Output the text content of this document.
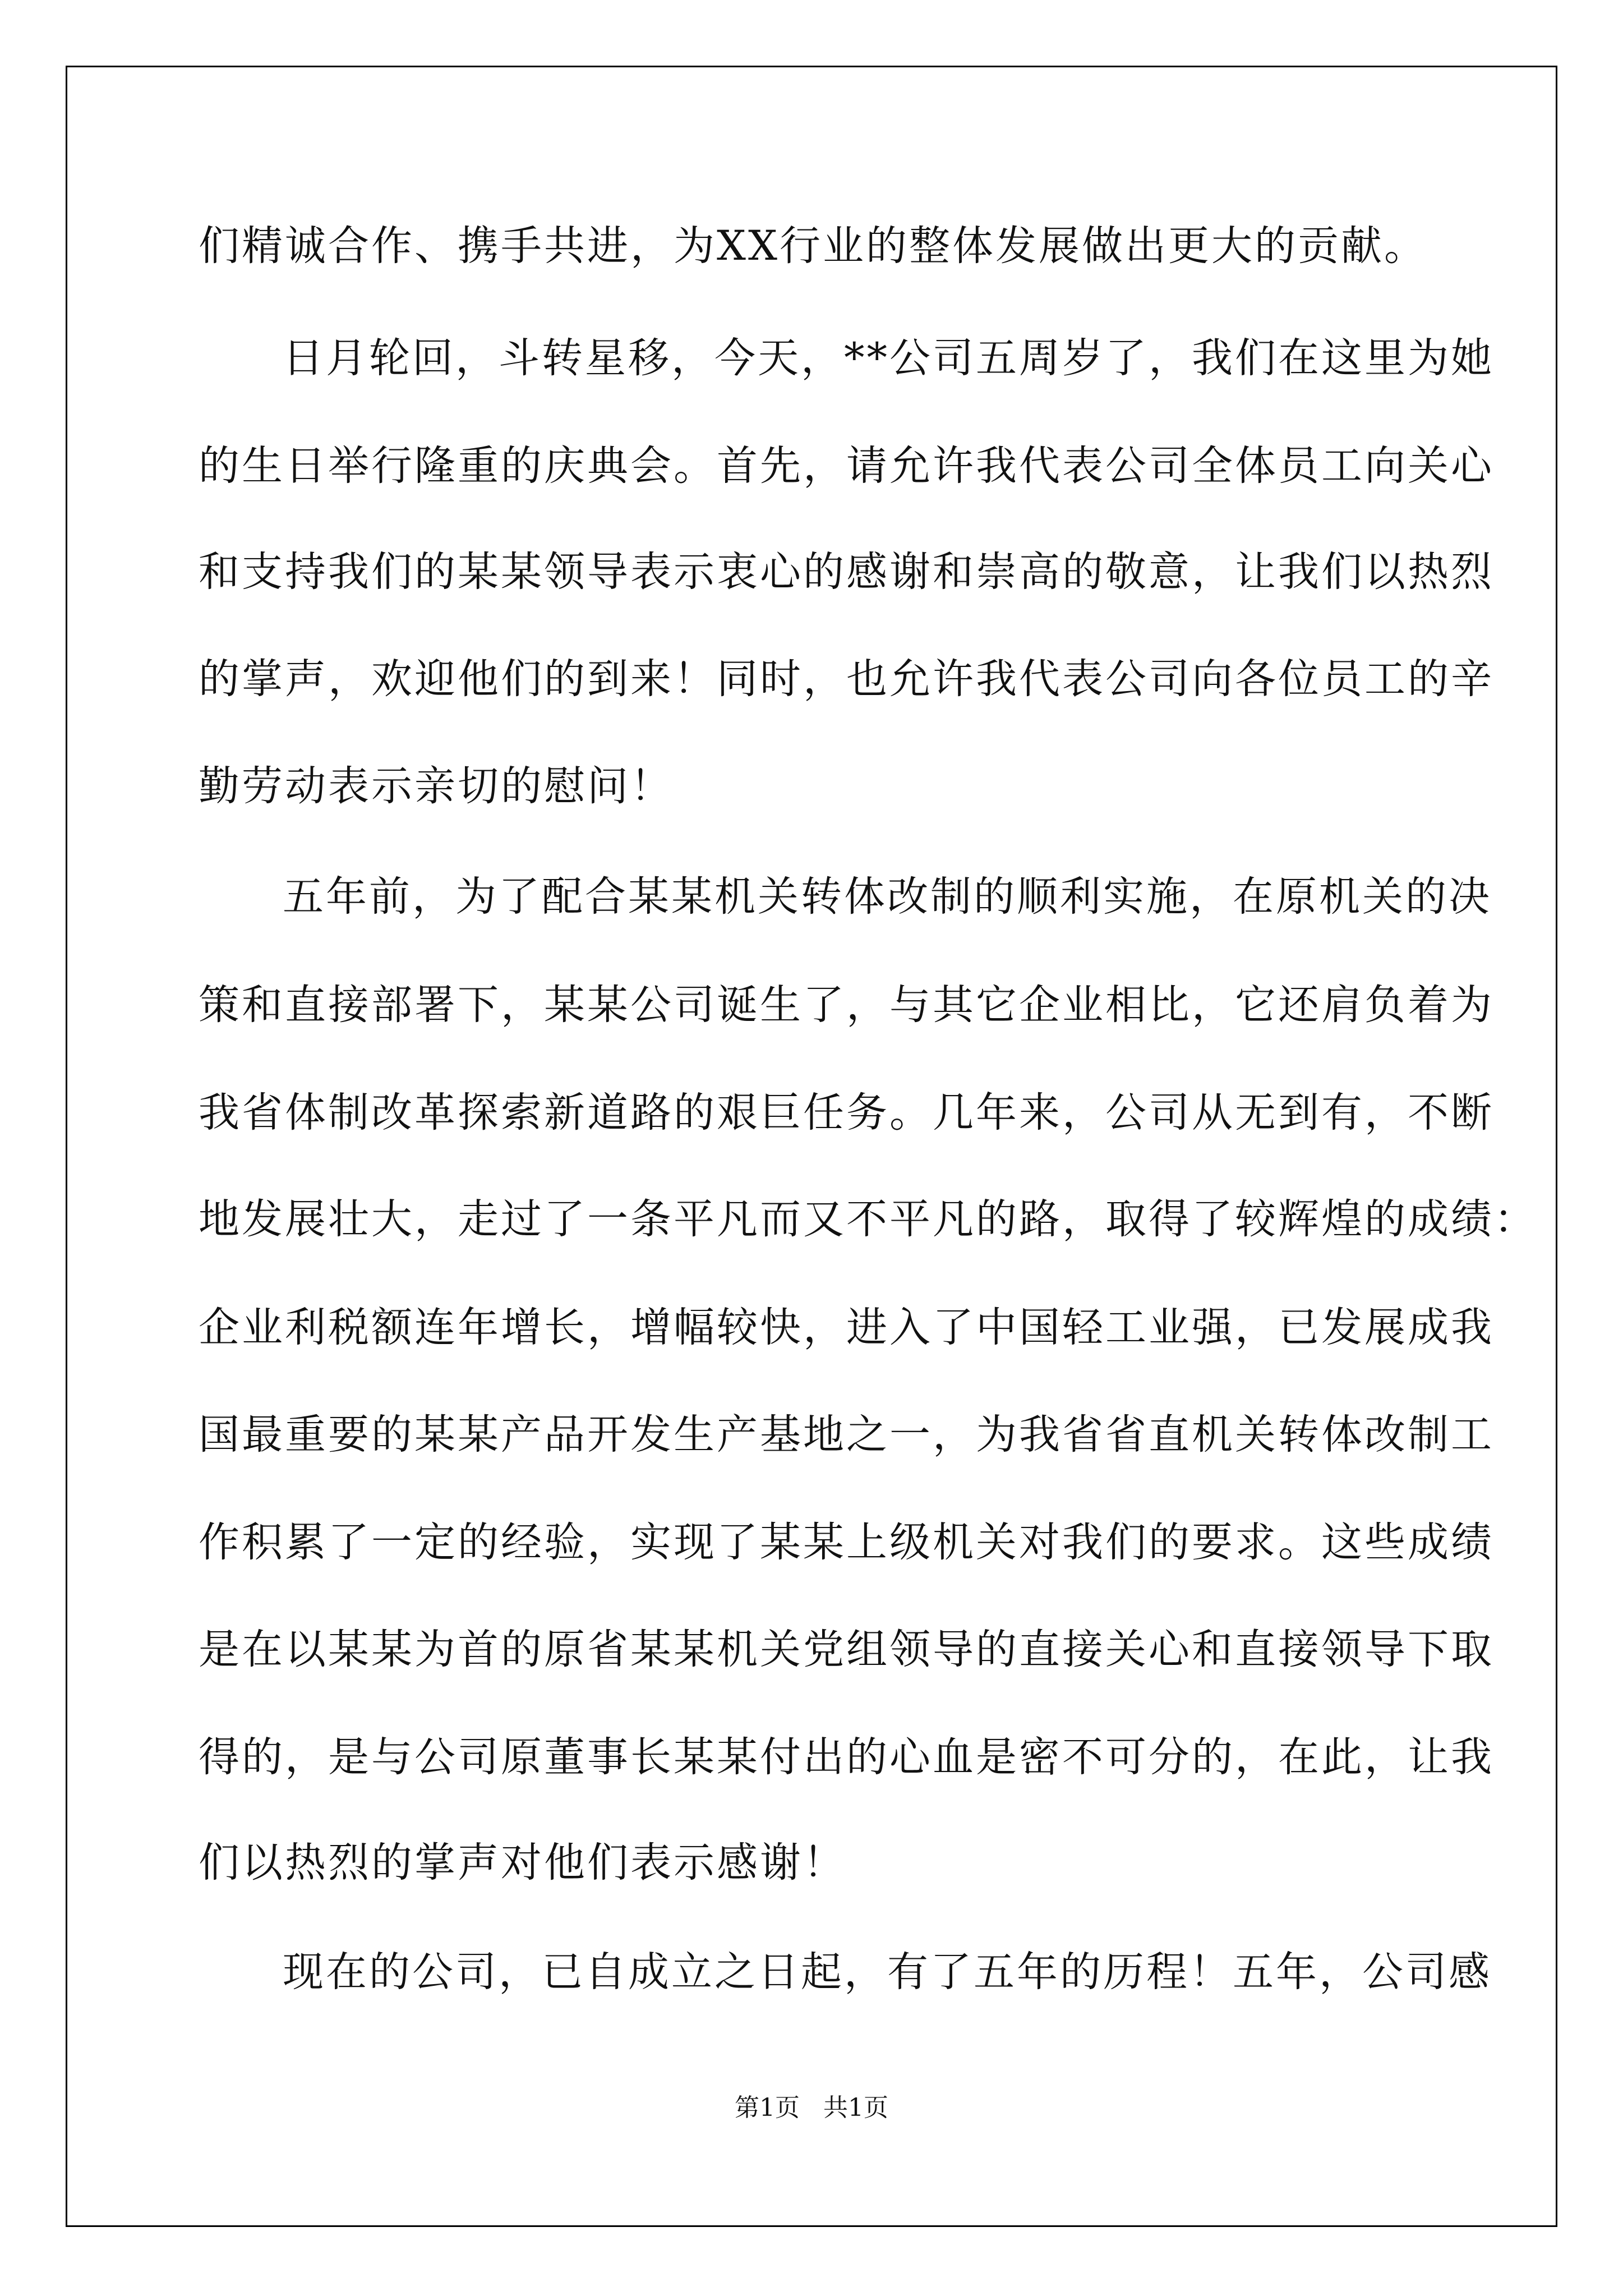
们精诚合作、携手共进，为XX行业的整体发展做出更大的贡献。
日月轮回，斗转星移，今天，**公司五周岁了，我们在这里为她
的生日举行隆重的庆典会。首先，请允许我代表公司全体员工向关心
和支持我们的某某领导表示衷心的感谢和崇高的敬意，让我们以热烈
的掌声，欢迎他们的到来！同时，也允许我代表公司向各位员工的辛
勤劳动表示亲切的慰问！
五年前，为了配合某某机关转体改制的顺利实施，在原机关的决
策和直接部署下，某某公司诞生了，与其它企业相比，它还肩负着为
我省体制改革探索新道路的艰巨任务。几年来，公司从无到有，不断
地发展壮大，走过了一条平凡而又不平凡的路，取得了较辉煌的成绩：
企业利税额连年增长，增幅较快，进入了中国轻工业强，已发展成我
国最重要的某某产品开发生产基地之一，为我省省直机关转体改制工
作积累了一定的经验，实现了某某上级机关对我们的要求。这些成绩
是在以某某为首的原省某某机关党组领导的直接关心和直接领导下取
得的，是与公司原董事长某某付出的心血是密不可分的，在此，让我
们以热烈的掌声对他们表示感谢！
现在的公司，已自成立之日起，有了五年的历程！五年，公司感
第1页   共1页
